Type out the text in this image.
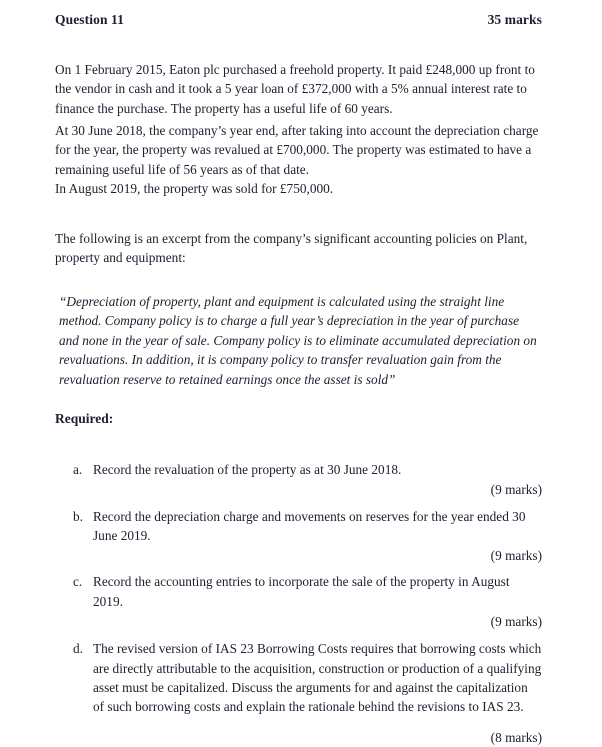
Question 11	35 marks

On 1 February 2015, Eaton plc purchased a freehold property. It paid £248,000 up front to the vendor in cash and it took a 5 year loan of £372,000 with a 5% annual interest rate to finance the purchase. The property has a useful life of 60 years.

At 30 June 2018, the company’s year end, after taking into account the depreciation charge for the year, the property was revalued at £700,000. The property was estimated to have a remaining useful life of 56 years as of that date.

In August 2019, the property was sold for £750,000.

The following is an excerpt from the company’s significant accounting policies on Plant, property and equipment:

“Depreciation of property, plant and equipment is calculated using the straight line method. Company policy is to charge a full year’s depreciation in the year of purchase and none in the year of sale. Company policy is to eliminate accumulated depreciation on revaluations. In addition, it is company policy to transfer revaluation gain from the revaluation reserve to retained earnings once the asset is sold”

Required:

a. Record the revaluation of the property as at 30 June 2018.
(9 marks)
b. Record the depreciation charge and movements on reserves for the year ended 30 June 2019.
(9 marks)
c. Record the accounting entries to incorporate the sale of the property in August 2019.
(9 marks)
d. The revised version of IAS 23 Borrowing Costs requires that borrowing costs which are directly attributable to the acquisition, construction or production of a qualifying asset must be capitalized. Discuss the arguments for and against the capitalization of such borrowing costs and explain the rationale behind the revisions to IAS 23.
(8 marks)
